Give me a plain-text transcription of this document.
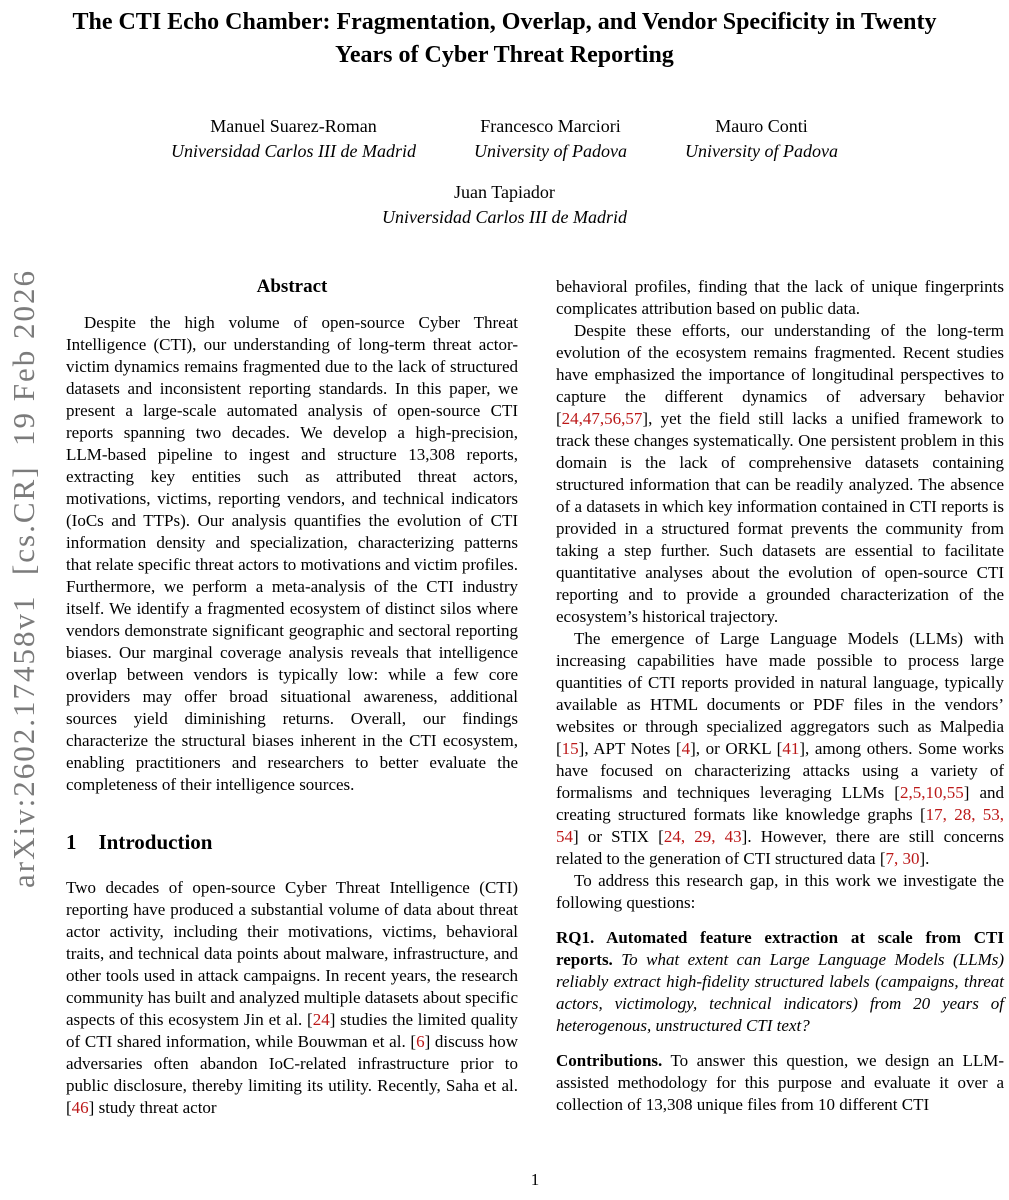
arXiv:2602.17458v1  [cs.CR]  19 Feb 2026
The CTI Echo Chamber: Fragmentation, Overlap, and Vendor Specificity in Twenty Years of Cyber Threat Reporting
Manuel Suarez-Roman
Universidad Carlos III de Madrid
Francesco Marciori
University of Padova
Mauro Conti
University of Padova
Juan Tapiador
Universidad Carlos III de Madrid
Abstract

Despite the high volume of open-source Cyber Threat Intelligence (CTI), our understanding of long-term threat actor-victim dynamics remains fragmented due to the lack of structured datasets and inconsistent reporting standards. In this paper, we present a large-scale automated analysis of open-source CTI reports spanning two decades. We develop a high-precision, LLM-based pipeline to ingest and structure 13,308 reports, extracting key entities such as attributed threat actors, motivations, victims, reporting vendors, and technical indicators (IoCs and TTPs). Our analysis quantifies the evolution of CTI information density and specialization, characterizing patterns that relate specific threat actors to motivations and victim profiles. Furthermore, we perform a meta-analysis of the CTI industry itself. We identify a fragmented ecosystem of distinct silos where vendors demonstrate significant geographic and sectoral reporting biases. Our marginal coverage analysis reveals that intelligence overlap between vendors is typically low: while a few core providers may offer broad situational awareness, additional sources yield diminishing returns. Overall, our findings characterize the structural biases inherent in the CTI ecosystem, enabling practitioners and researchers to better evaluate the completeness of their intelligence sources.

1 Introduction

Two decades of open-source Cyber Threat Intelligence (CTI) reporting have produced a substantial volume of data about threat actor activity, including their motivations, victims, behavioral traits, and technical data points about malware, infrastructure, and other tools used in attack campaigns. In recent years, the research community has built and analyzed multiple datasets about specific aspects of this ecosystem Jin et al. [24] studies the limited quality of CTI shared information, while Bouwman et al. [6] discuss how adversaries often abandon IoC-related infrastructure prior to public disclosure, thereby limiting its utility. Recently, Saha et al. [46] study threat actor

behavioral profiles, finding that the lack of unique fingerprints complicates attribution based on public data.

Despite these efforts, our understanding of the long-term evolution of the ecosystem remains fragmented. Recent studies have emphasized the importance of longitudinal perspectives to capture the different dynamics of adversary behavior [24,47,56,57], yet the field still lacks a unified framework to track these changes systematically. One persistent problem in this domain is the lack of comprehensive datasets containing structured information that can be readily analyzed. The absence of a datasets in which key information contained in CTI reports is provided in a structured format prevents the community from taking a step further. Such datasets are essential to facilitate quantitative analyses about the evolution of open-source CTI reporting and to provide a grounded characterization of the ecosystem’s historical trajectory.

The emergence of Large Language Models (LLMs) with increasing capabilities have made possible to process large quantities of CTI reports provided in natural language, typically available as HTML documents or PDF files in the vendors’ websites or through specialized aggregators such as Malpedia [15], APT Notes [4], or ORKL [41], among others. Some works have focused on characterizing attacks using a variety of formalisms and techniques leveraging LLMs [2,5,10,55] and creating structured formats like knowledge graphs [17, 28, 53, 54] or STIX [24, 29, 43]. However, there are still concerns related to the generation of CTI structured data [7, 30].

To address this research gap, in this work we investigate the following questions:

RQ1. Automated feature extraction at scale from CTI reports. To what extent can Large Language Models (LLMs) reliably extract high-fidelity structured labels (campaigns, threat actors, victimology, technical indicators) from 20 years of heterogenous, unstructured CTI text?

Contributions. To answer this question, we design an LLM-assisted methodology for this purpose and evaluate it over a collection of 13,308 unique files from 10 different CTI

1
